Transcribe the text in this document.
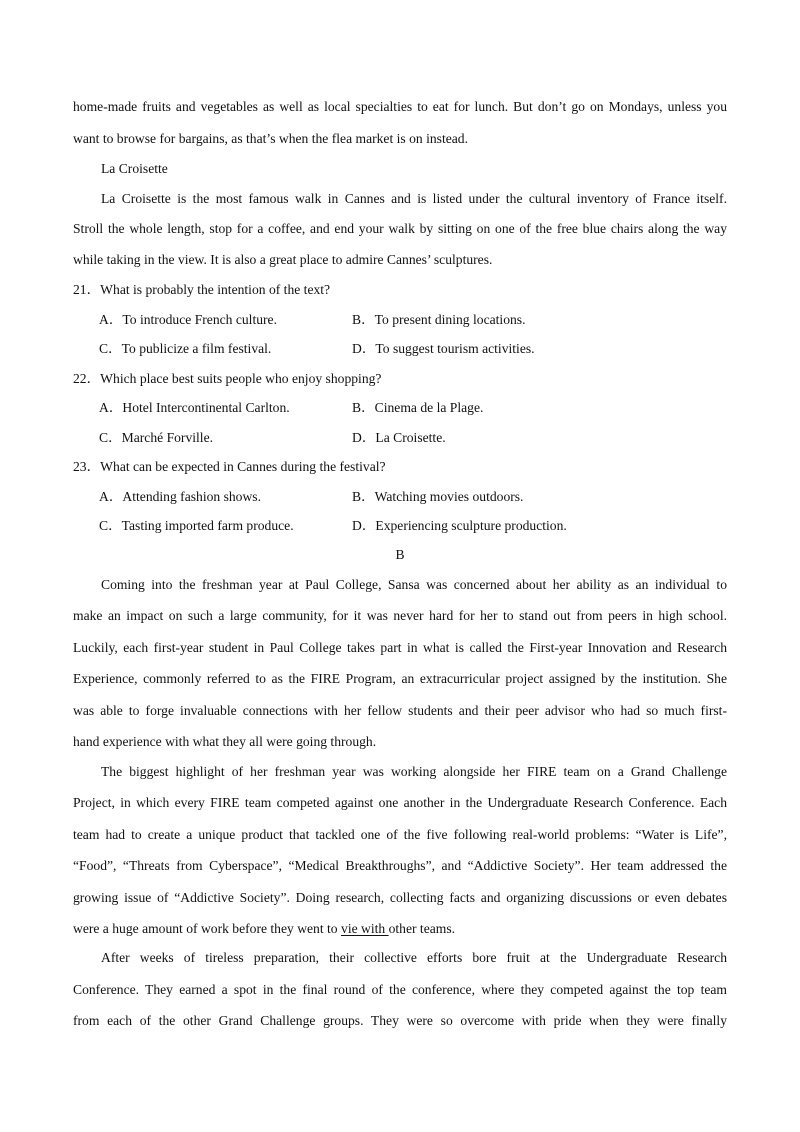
home-made fruits and vegetables as well as local specialties to eat for lunch. But don’t go on Mondays, unless you
want to browse for bargains, as that’s when the flea market is on instead.
La Croisette
La Croisette is the most famous walk in Cannes and is listed under the cultural inventory of France itself.
Stroll the whole length, stop for a coffee, and end your walk by sitting on one of the free blue chairs along the way
while taking in the view. It is also a great place to admire Cannes’ sculptures.
21．What is probably the intention of the text?
A．To introduce French culture.	B．To present dining locations.
C．To publicize a film festival.	D．To suggest tourism activities.
22．Which place best suits people who enjoy shopping?
A．Hotel Intercontinental Carlton.	B．Cinema de la Plage.
C．Marché Forville.	D．La Croisette.
23．What can be expected in Cannes during the festival?
A．Attending fashion shows.	B．Watching movies outdoors.
C．Tasting imported farm produce.	D．Experiencing sculpture production.
B
Coming into the freshman year at Paul College, Sansa was concerned about her ability as an individual to
make an impact on such a large community, for it was never hard for her to stand out from peers in high school.
Luckily, each first-year student in Paul College takes part in what is called the First-year Innovation and Research
Experience, commonly referred to as the FIRE Program, an extracurricular project assigned by the institution. She
was able to forge invaluable connections with her fellow students and their peer advisor who had so much first-
hand experience with what they all were going through.
The biggest highlight of her freshman year was working alongside her FIRE team on a Grand Challenge
Project, in which every FIRE team competed against one another in the Undergraduate Research Conference. Each
team had to create a unique product that tackled one of the five following real-world problems: “Water is Life”,
“Food”, “Threats from Cyberspace”, “Medical Breakthroughs”, and “Addictive Society”. Her team addressed the
growing issue of “Addictive Society”. Doing research, collecting facts and organizing discussions or even debates
were a huge amount of work before they went to vie with other teams.
After weeks of tireless preparation, their collective efforts bore fruit at the Undergraduate Research
Conference. They earned a spot in the final round of the conference, where they competed against the top team
from each of the other Grand Challenge groups. They were so overcome with pride when they were finally
